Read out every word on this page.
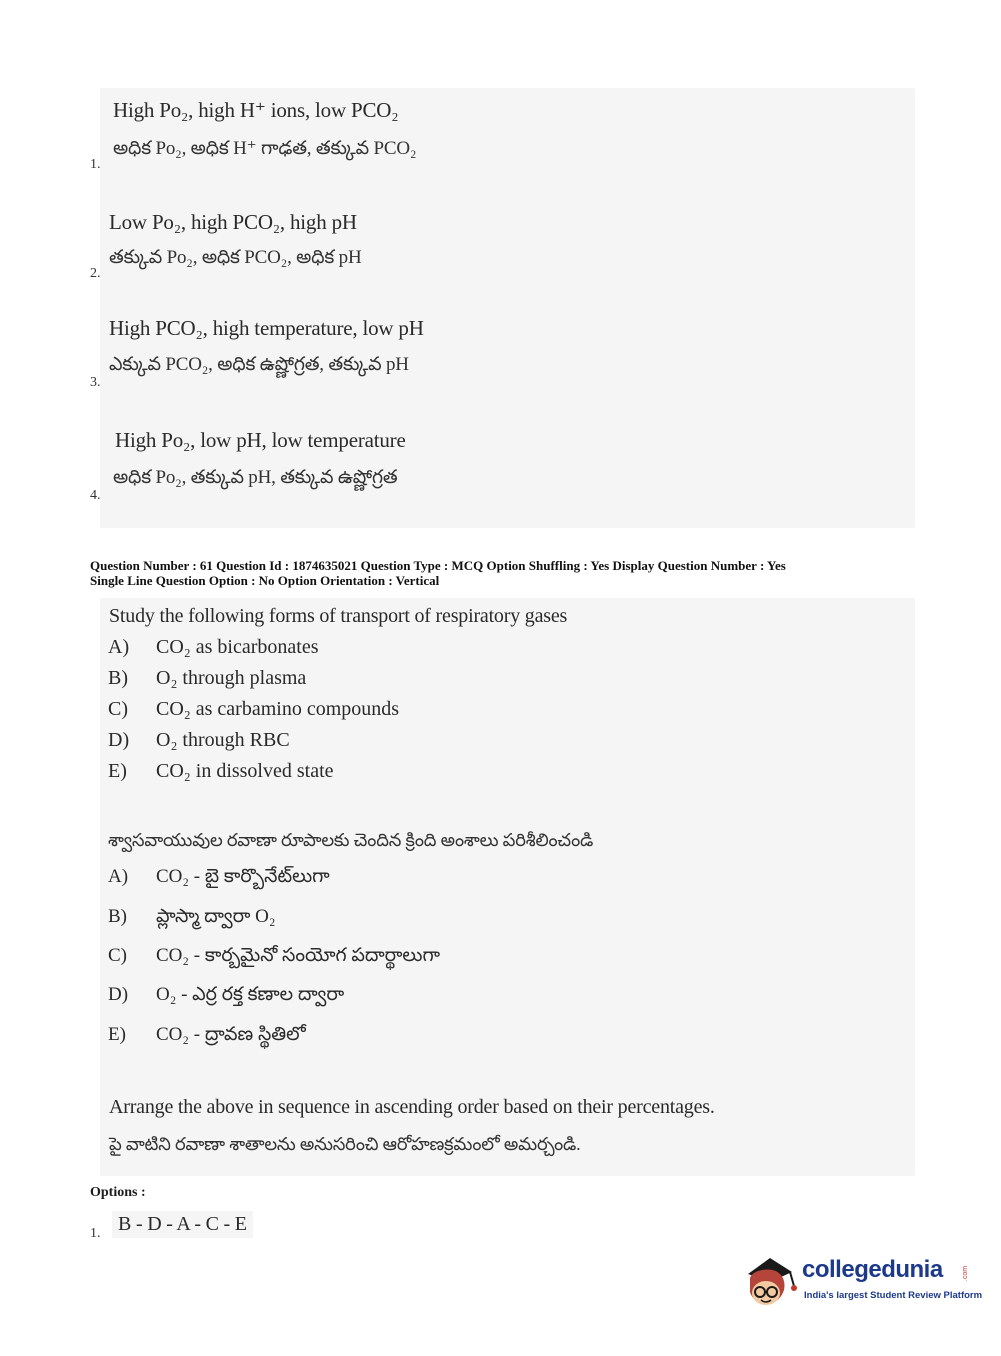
High Po₂, high H⁺ ions, low PCO₂
అధిక Po₂, అధిక H⁺ గాఢత, తక్కువ PCO₂
1.
Low Po₂, high PCO₂, high pH
తక్కువ Po₂, అధిక PCO₂, అధిక pH
2.
High PCO₂, high temperature, low pH
ఎక్కువ PCO₂, అధిక ఉష్ణోగ్రత, తక్కువ pH
3.
High Po₂, low pH, low temperature
అధిక Po₂, తక్కువ pH, తక్కువ ఉష్ణోగ్రత
4.
Question Number : 61 Question Id : 1874635021 Question Type : MCQ Option Shuffling : Yes Display Question Number : Yes
Single Line Question Option : No Option Orientation : Vertical
Study the following forms of transport of respiratory gases
A) CO₂ as bicarbonates
B) O₂ through plasma
C) CO₂ as carbamino compounds
D) O₂ through RBC
E) CO₂ in dissolved state
శ్వాసవాయువుల రవాణా రూపాలకు చెందిన క్రింది అంశాలు పరిశీలించండి
A) CO₂ - బై కార్బొనేట్‌లుగా
B) ప్లాస్మా ద్వారా O₂
C) CO₂ - కార్బమైనో సంయోగ పదార్థాలుగా
D) O₂ - ఎర్ర రక్త కణాల ద్వారా
E) CO₂ - ద్రావణ స్థితిలో
Arrange the above in sequence in ascending order based on their percentages.
పై వాటిని రవాణా శాతాలను అనుసరించి ఆరోహణక్రమంలో అమర్చండి.
Options :
B - D - A - C - E
1.
collegedunia	.com
India's largest Student Review Platform
